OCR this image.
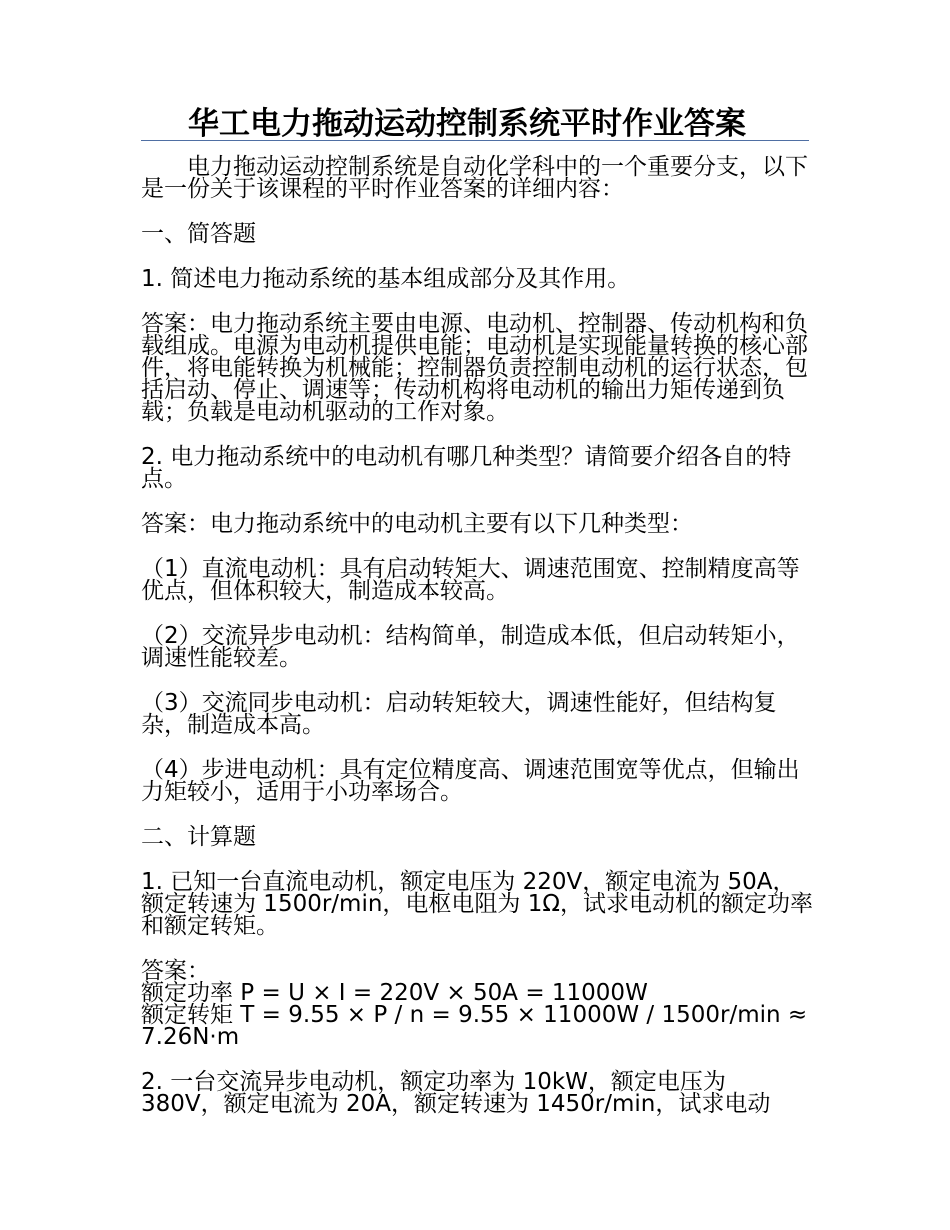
华工电力拖动运动控制系统平时作业答案

电力拖动运动控制系统是自动化学科中的一个重要分支，以下是一份关于该课程的平时作业答案的详细内容：

一、简答题

1. 简述电力拖动系统的基本组成部分及其作用。

答案：电力拖动系统主要由电源、电动机、控制器、传动机构和负载组成。电源为电动机提供电能；电动机是实现能量转换的核心部件，将电能转换为机械能；控制器负责控制电动机的运行状态，包括启动、停止、调速等；传动机构将电动机的输出力矩传递到负载；负载是电动机驱动的工作对象。

2. 电力拖动系统中的电动机有哪几种类型？请简要介绍各自的特点。

答案：电力拖动系统中的电动机主要有以下几种类型：

（1）直流电动机：具有启动转矩大、调速范围宽、控制精度高等优点，但体积较大，制造成本较高。

（2）交流异步电动机：结构简单，制造成本低，但启动转矩小，调速性能较差。

（3）交流同步电动机：启动转矩较大，调速性能好，但结构复杂，制造成本高。

（4）步进电动机：具有定位精度高、调速范围宽等优点，但输出力矩较小，适用于小功率场合。

二、计算题

1. 已知一台直流电动机，额定电压为 220V，额定电流为 50A，额定转速为 1500r/min，电枢电阻为 1Ω，试求电动机的额定功率和额定转矩。

答案：
额定功率 P = U × I = 220V × 50A = 11000W
额定转矩 T = 9.55 × P / n = 9.55 × 11000W / 1500r/min ≈ 7.26N·m

2. 一台交流异步电动机，额定功率为 10kW，额定电压为 380V，额定电流为 20A，额定转速为 1450r/min，试求电动
